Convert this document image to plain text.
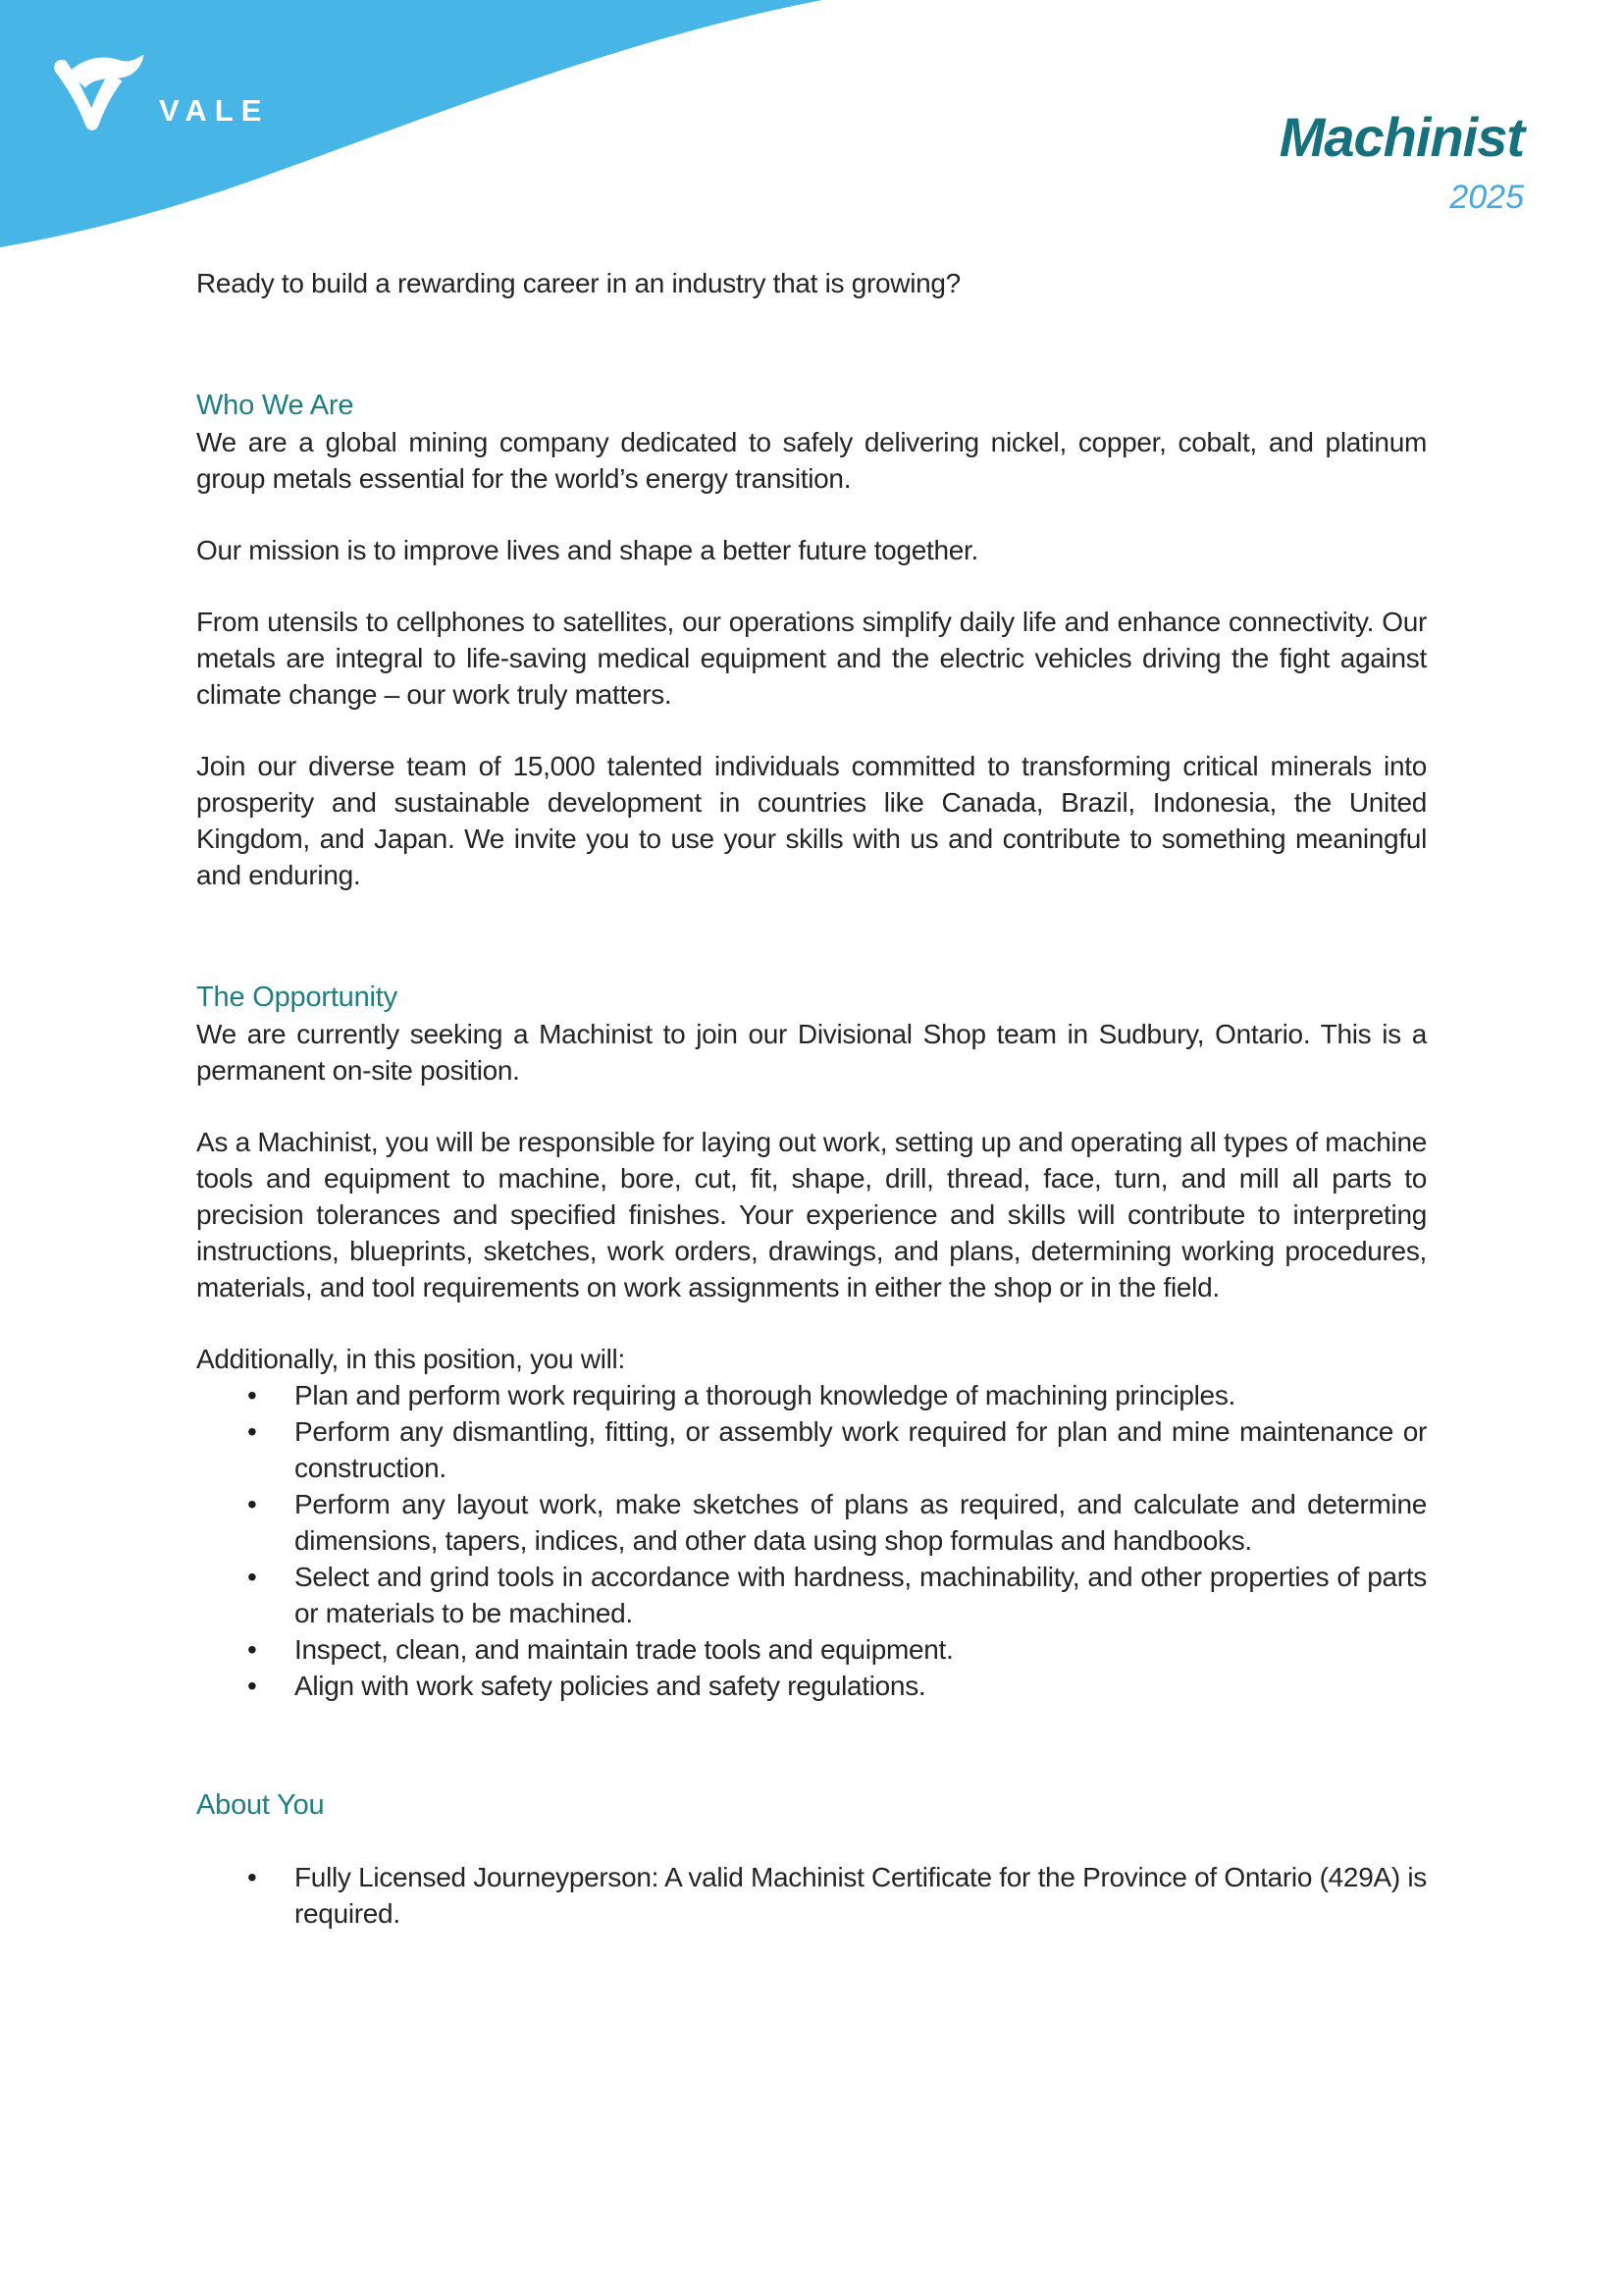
VALE	Machinist
2025

Ready to build a rewarding career in an industry that is growing?

Who We Are

We are a global mining company dedicated to safely delivering nickel, copper, cobalt, and platinum group metals essential for the world’s energy transition.

Our mission is to improve lives and shape a better future together.

From utensils to cellphones to satellites, our operations simplify daily life and enhance connectivity. Our metals are integral to life-saving medical equipment and the electric vehicles driving the fight against climate change – our work truly matters.

Join our diverse team of 15,000 talented individuals committed to transforming critical minerals into prosperity and sustainable development in countries like Canada, Brazil, Indonesia, the United Kingdom, and Japan. We invite you to use your skills with us and contribute to something meaningful and enduring.

The Opportunity

We are currently seeking a Machinist to join our Divisional Shop team in Sudbury, Ontario. This is a permanent on-site position.

As a Machinist, you will be responsible for laying out work, setting up and operating all types of machine tools and equipment to machine, bore, cut, fit, shape, drill, thread, face, turn, and mill all parts to precision tolerances and specified finishes. Your experience and skills will contribute to interpreting instructions, blueprints, sketches, work orders, drawings, and plans, determining working procedures, materials, and tool requirements on work assignments in either the shop or in the field.

Additionally, in this position, you will:

• Plan and perform work requiring a thorough knowledge of machining principles.
• Perform any dismantling, fitting, or assembly work required for plan and mine maintenance or construction.
• Perform any layout work, make sketches of plans as required, and calculate and determine dimensions, tapers, indices, and other data using shop formulas and handbooks.
• Select and grind tools in accordance with hardness, machinability, and other properties of parts or materials to be machined.
• Inspect, clean, and maintain trade tools and equipment.
• Align with work safety policies and safety regulations.
About You
• Fully Licensed Journeyperson: A valid Machinist Certificate for the Province of Ontario (429A) is required.
